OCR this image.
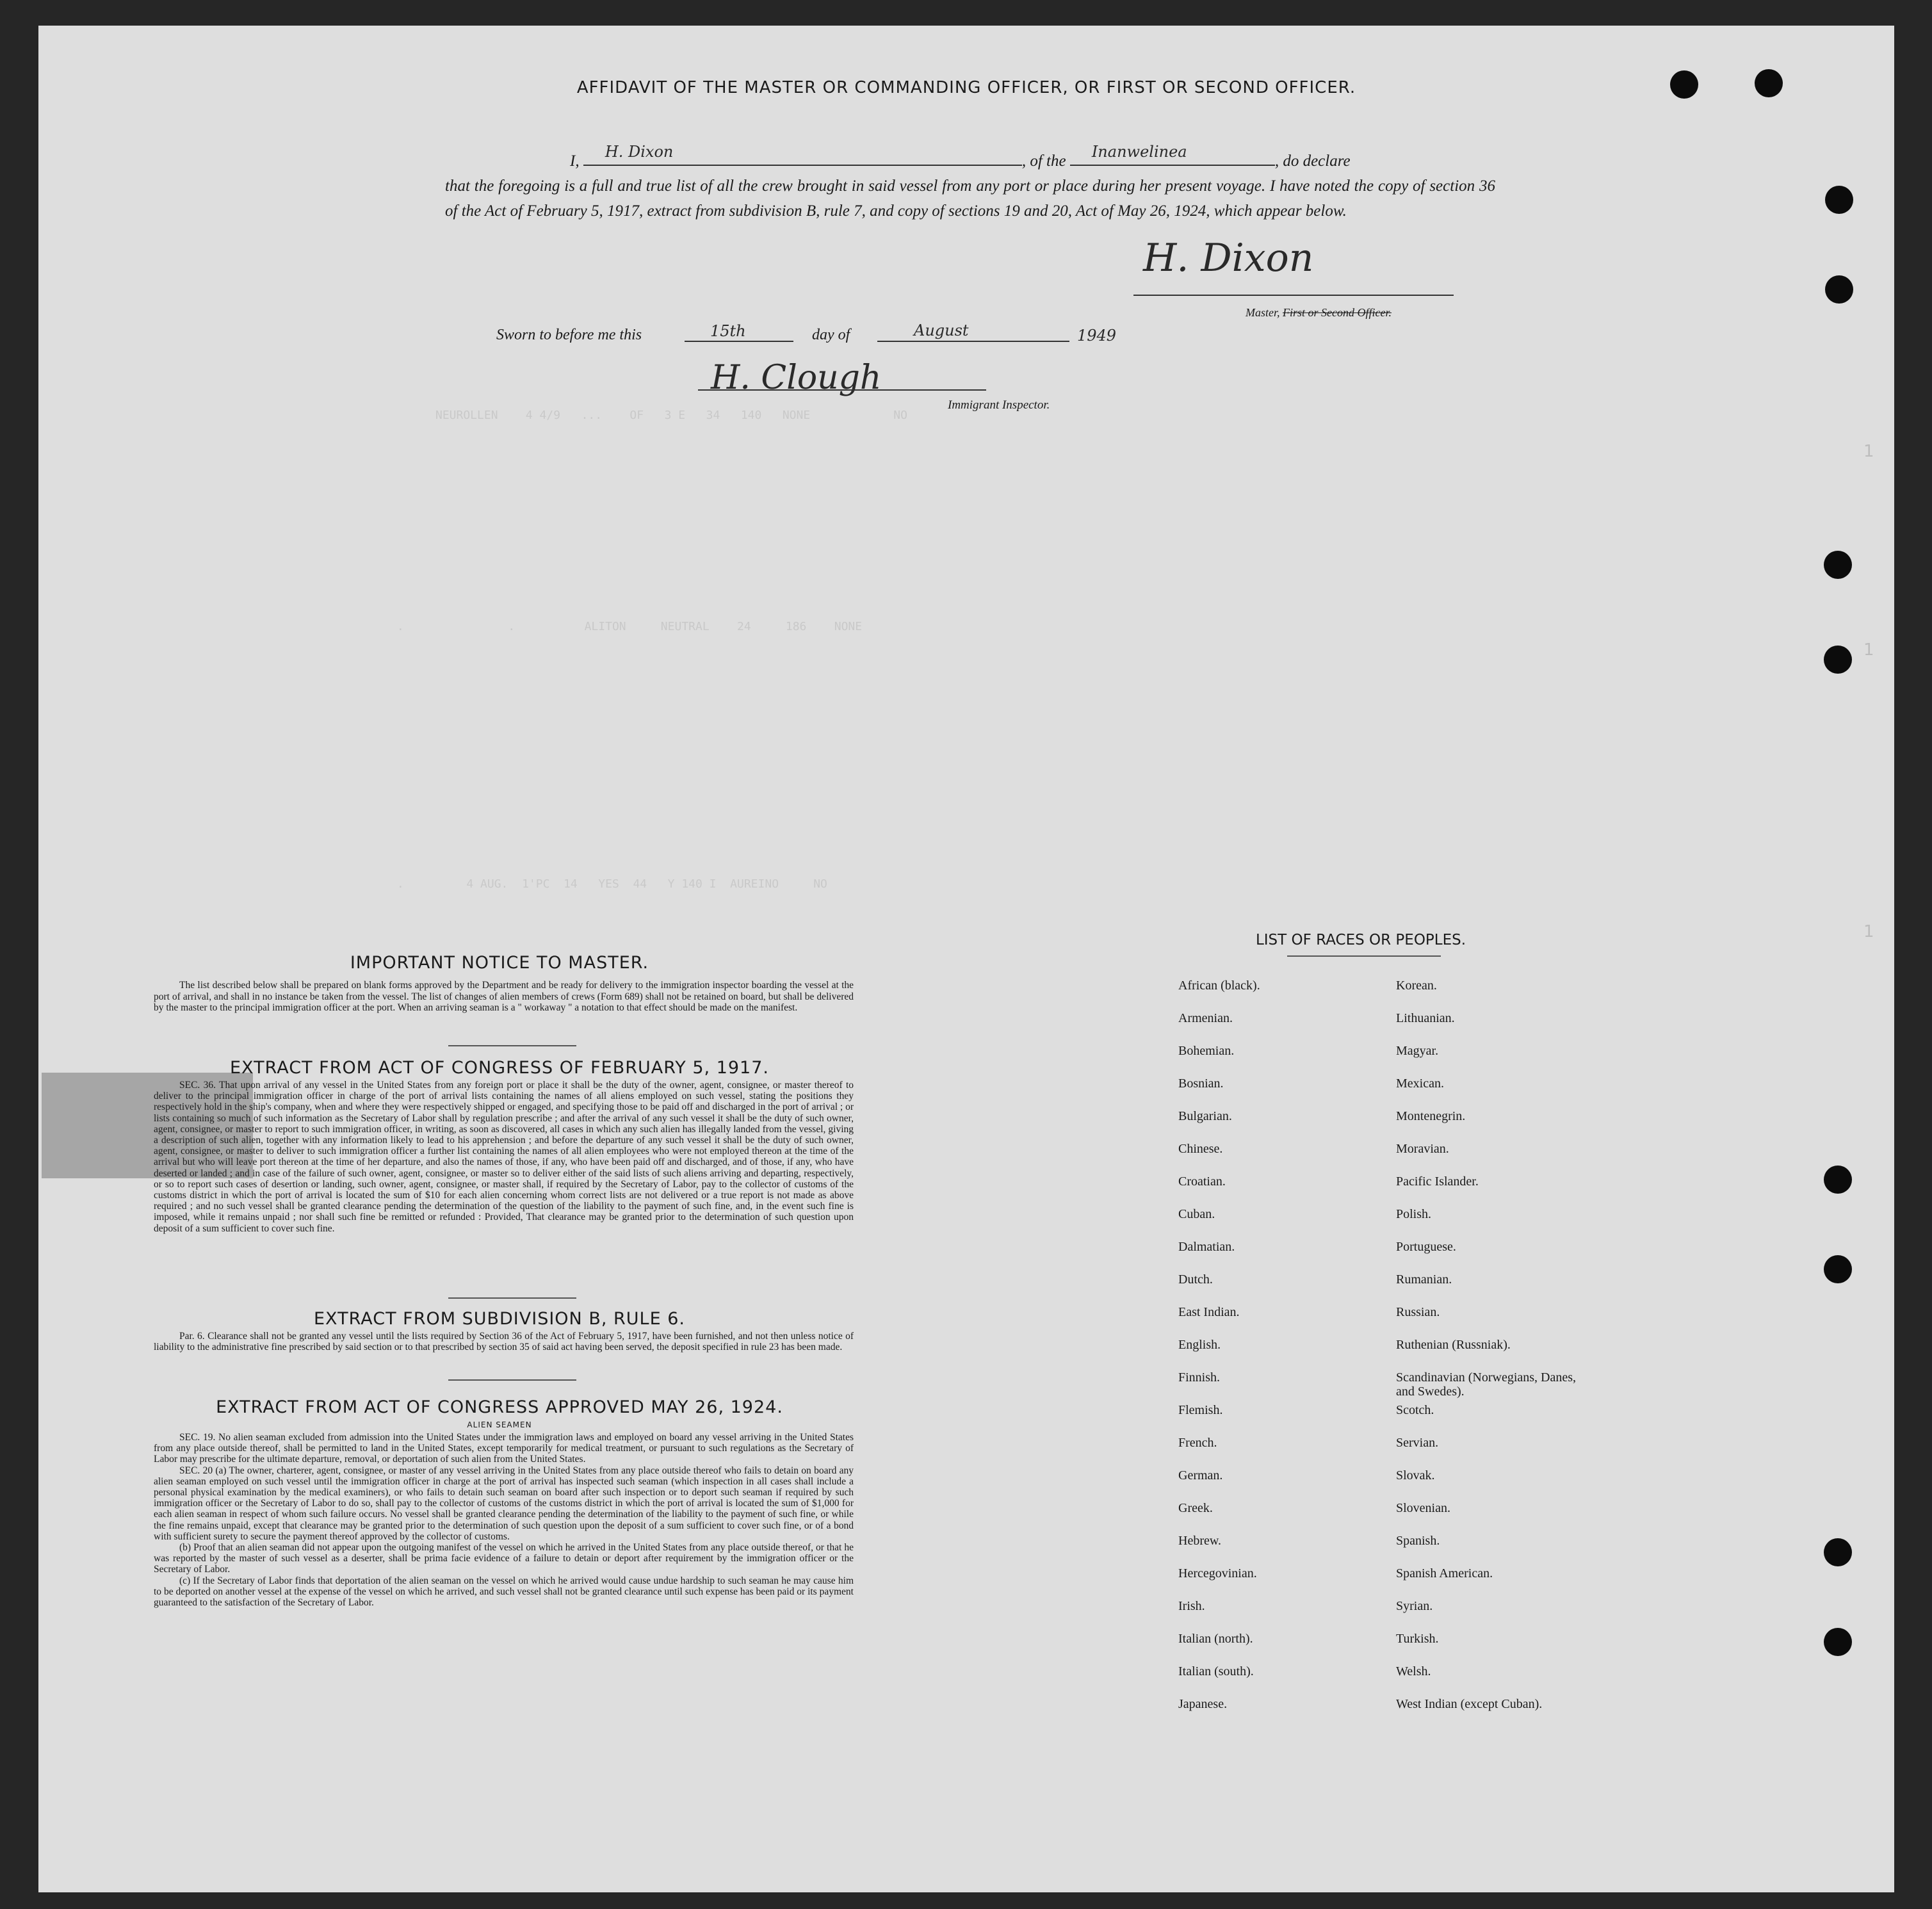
NEUROLLEN    4 4/9   ...    OF   3 E   34   140   NONE            NO
.               .          ALITON     NEUTRAL    24     186    NONE
.         4 AUG.  1'PC  14   YES  44   Y 140 I  AUREINO     NO
1
1
1
AFFIDAVIT OF THE MASTER OR COMMANDING OFFICER, OR FIRST OR SECOND OFFICER.
I,
H. Dixon
, of the
Inanwelinea
, do declare
that the foregoing is a full and true list of all the crew brought in said vessel from any port or place during her present voyage. I have noted the copy of section 36 of the Act of February 5, 1917, extract from subdivision B, rule 7, and copy of sections 19 and 20, Act of May 26, 1924, which appear below.
H. Dixon
Master, First or Second Officer.
Sworn to before me this	15th	day of	August	1949
H. Clough
Immigrant Inspector.
IMPORTANT NOTICE TO MASTER.
The list described below shall be prepared on blank forms approved by the Department and be ready for delivery to the immigration inspector boarding the vessel at the port of arrival, and shall in no instance be taken from the vessel. The list of changes of alien members of crews (Form 689) shall not be retained on board, but shall be delivered by the master to the principal immigration officer at the port. When an arriving seaman is a " workaway " a notation to that effect should be made on the manifest.
EXTRACT FROM ACT OF CONGRESS OF FEBRUARY 5, 1917.
SEC. 36. That upon arrival of any vessel in the United States from any foreign port or place it shall be the duty of the owner, agent, consignee, or master thereof to deliver to the principal immigration officer in charge of the port of arrival lists containing the names of all aliens employed on such vessel, stating the positions they respectively hold in the ship's company, when and where they were respectively shipped or engaged, and specifying those to be paid off and discharged in the port of arrival ; or lists containing so much of such information as the Secretary of Labor shall by regulation prescribe ; and after the arrival of any such vessel it shall be the duty of such owner, agent, consignee, or master to report to such immigration officer, in writing, as soon as discovered, all cases in which any such alien has illegally landed from the vessel, giving a description of such alien, together with any information likely to lead to his apprehension ; and before the departure of any such vessel it shall be the duty of such owner, agent, consignee, or master to deliver to such immigration officer a further list containing the names of all alien employees who were not employed thereon at the time of the arrival but who will leave port thereon at the time of her departure, and also the names of those, if any, who have been paid off and discharged, and of those, if any, who have deserted or landed ; and in case of the failure of such owner, agent, consignee, or master so to deliver either of the said lists of such aliens arriving and departing, respectively, or so to report such cases of desertion or landing, such owner, agent, consignee, or master shall, if required by the Secretary of Labor, pay to the collector of customs of the customs district in which the port of arrival is located the sum of $10 for each alien concerning whom correct lists are not delivered or a true report is not made as above required ; and no such vessel shall be granted clearance pending the determination of the question of the liability to the payment of such fine, and, in the event such fine is imposed, while it remains unpaid ; nor shall such fine be remitted or refunded : Provided, That clearance may be granted prior to the determination of such question upon deposit of a sum sufficient to cover such fine.
EXTRACT FROM SUBDIVISION B, RULE 6.
Par. 6. Clearance shall not be granted any vessel until the lists required by Section 36 of the Act of February 5, 1917, have been furnished, and not then unless notice of liability to the administrative fine prescribed by said section or to that prescribed by section 35 of said act having been served, the deposit specified in rule 23 has been made.
EXTRACT FROM ACT OF CONGRESS APPROVED MAY 26, 1924.
ALIEN SEAMEN

SEC. 19. No alien seaman excluded from admission into the United States under the immigration laws and employed on board any vessel arriving in the United States from any place outside thereof, shall be permitted to land in the United States, except temporarily for medical treatment, or pursuant to such regulations as the Secretary of Labor may prescribe for the ultimate departure, removal, or deportation of such alien from the United States.

SEC. 20 (a) The owner, charterer, agent, consignee, or master of any vessel arriving in the United States from any place outside thereof who fails to detain on board any alien seaman employed on such vessel until the immigration officer in charge at the port of arrival has inspected such seaman (which inspection in all cases shall include a personal physical examination by the medical examiners), or who fails to detain such seaman on board after such inspection or to deport such seaman if required by such immigration officer or the Secretary of Labor to do so, shall pay to the collector of customs of the customs district in which the port of arrival is located the sum of $1,000 for each alien seaman in respect of whom such failure occurs. No vessel shall be granted clearance pending the determination of the liability to the payment of such fine, or while the fine remains unpaid, except that clearance may be granted prior to the determination of such question upon the deposit of a sum sufficient to cover such fine, or of a bond with sufficient surety to secure the payment thereof approved by the collector of customs.

(b) Proof that an alien seaman did not appear upon the outgoing manifest of the vessel on which he arrived in the United States from any place outside thereof, or that he was reported by the master of such vessel as a deserter, shall be prima facie evidence of a failure to detain or deport after requirement by the immigration officer or the Secretary of Labor.

(c) If the Secretary of Labor finds that deportation of the alien seaman on the vessel on which he arrived would cause undue hardship to such seaman he may cause him to be deported on another vessel at the expense of the vessel on which he arrived, and such vessel shall not be granted clearance until such expense has been paid or its payment guaranteed to the satisfaction of the Secretary of Labor.

LIST OF RACES OR PEOPLES.
African (black).
Armenian.
Bohemian.
Bosnian.
Bulgarian.
Chinese.
Croatian.
Cuban.
Dalmatian.
Dutch.
East Indian.
English.
Finnish.
Flemish.
French.
German.
Greek.
Hebrew.
Hercegovinian.
Irish.
Italian (north).
Italian (south).
Japanese.
Korean.
Lithuanian.
Magyar.
Mexican.
Montenegrin.
Moravian.
Pacific Islander.
Polish.
Portuguese.
Rumanian.
Russian.
Ruthenian (Russniak).
Scandinavian (Norwegians, Danes, and Swedes).
Scotch.
Servian.
Slovak.
Slovenian.
Spanish.
Spanish American.
Syrian.
Turkish.
Welsh.
West Indian (except Cuban).
